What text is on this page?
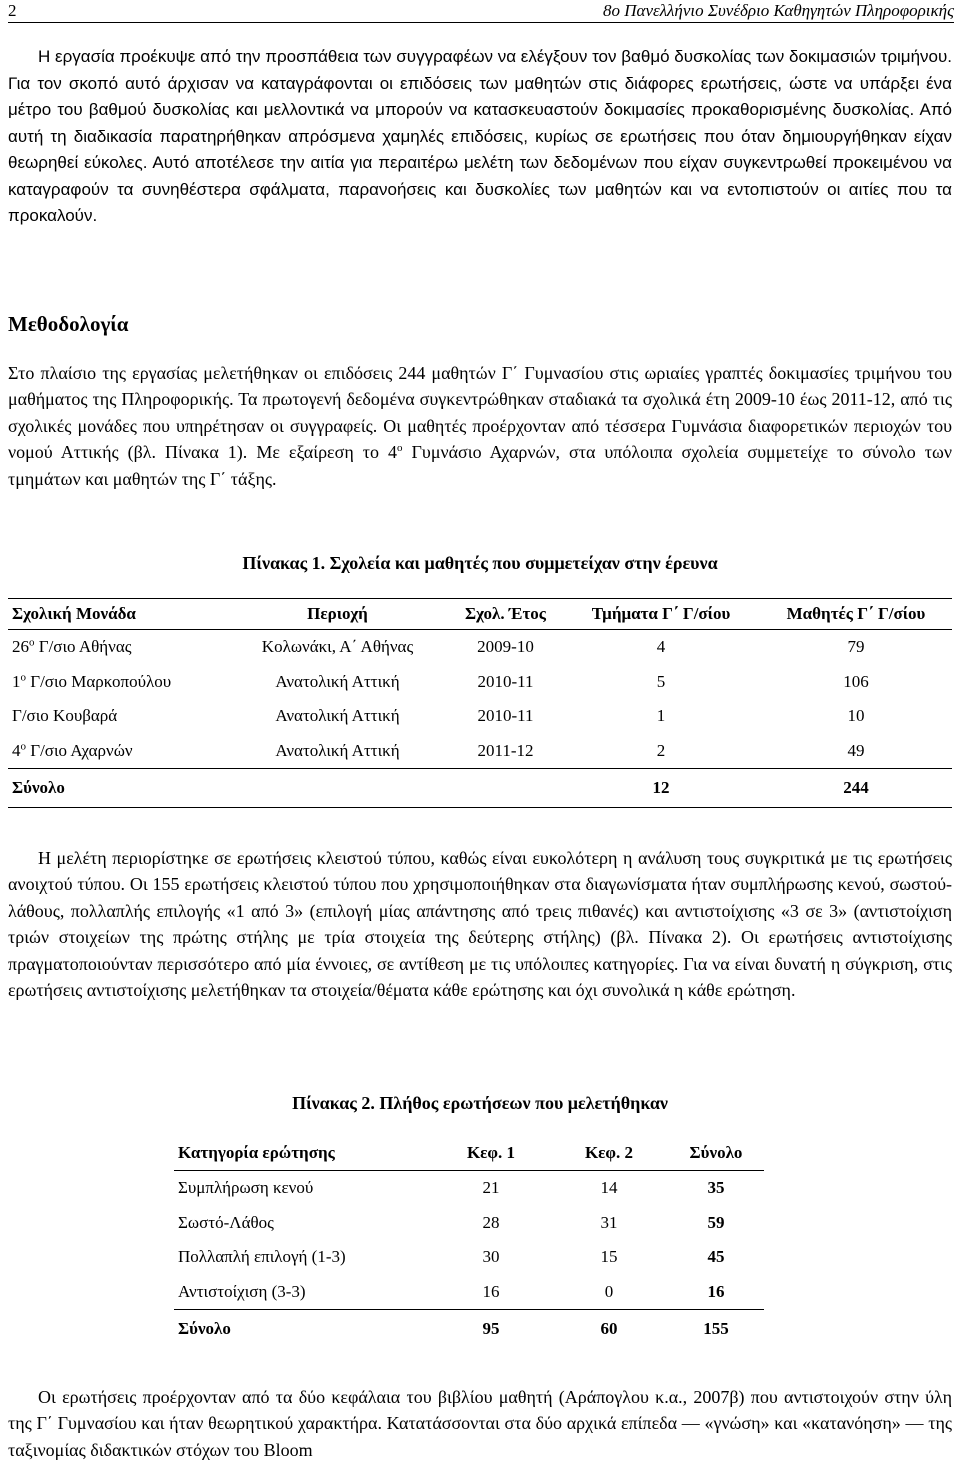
2	8ο Πανελλήνιο Συνέδριο Καθηγητών Πληροφορικής

Η εργασία προέκυψε από την προσπάθεια των συγγραφέων να ελέγξουν τον βαθμό δυσκολίας των δοκιμασιών τριμήνου. Για τον σκοπό αυτό άρχισαν να καταγράφονται οι επιδόσεις των μαθητών στις διάφορες ερωτήσεις, ώστε να υπάρξει ένα μέτρο του βαθμού δυσκολίας και μελλοντικά να μπορούν να κατασκευαστούν δοκιμασίες προκαθορισμένης δυσκολίας. Από αυτή τη διαδικασία παρατηρήθηκαν απρόσμενα χαμηλές επιδόσεις, κυρίως σε ερωτήσεις που όταν δημιουργήθηκαν είχαν θεωρηθεί εύκολες. Αυτό αποτέλεσε την αιτία για περαιτέρω μελέτη των δεδομένων που είχαν συγκεντρωθεί προκειμένου να καταγραφούν τα συνηθέστερα σφάλματα, παρανοήσεις και δυσκολίες των μαθητών και να εντοπιστούν οι αιτίες που τα προκαλούν.

Μεθοδολογία

Στο πλαίσιο της εργασίας μελετήθηκαν οι επιδόσεις 244 μαθητών Γ΄ Γυμνασίου στις ωριαίες γραπτές δοκιμασίες τριμήνου του μαθήματος της Πληροφορικής. Τα πρωτογενή δεδομένα συγκεντρώθηκαν σταδιακά τα σχολικά έτη 2009-10 έως 2011-12, από τις σχολικές μονάδες που υπηρέτησαν οι συγγραφείς. Οι μαθητές προέρχονταν από τέσσερα Γυμνάσια διαφορετικών περιοχών του νομού Αττικής (βλ. Πίνακα 1). Με εξαίρεση το $4^o$ Γυμνάσιο Αχαρνών, στα υπόλοιπα σχολεία συμμετείχε το σύνολο των τμημάτων και μαθητών της Γ΄ τάξης.

Πίνακας 1. Σχολεία και μαθητές που συμμετείχαν στην έρευνα
Σχολική Μονάδα	Περιοχή	Σχολ. Έτος	Τμήματα Γ΄ Γ/σίου	Μαθητές Γ΄ Γ/σίου
$26^o$ Γ/σιο Αθήνας	Κολωνάκι, Α΄ Αθήνας	2009-10	4	79
$1^o$ Γ/σιο Μαρκοπούλου	Ανατολική Αττική	2010-11	5	106
Γ/σιο Κουβαρά	Ανατολική Αττική	2010-11	1	10
$4^o$ Γ/σιο Αχαρνών	Ανατολική Αττική	2011-12	2	49
Σύνολο			12	244

Η μελέτη περιορίστηκε σε ερωτήσεις κλειστού τύπου, καθώς είναι ευκολότερη η ανάλυση τους συγκριτικά με τις ερωτήσεις ανοιχτού τύπου. Οι 155 ερωτήσεις κλειστού τύπου που χρησιμοποιήθηκαν στα διαγωνίσματα ήταν συμπλήρωσης κενού, σωστού-λάθους, πολλαπλής επιλογής «1 από 3» (επιλογή μίας απάντησης από τρεις πιθανές) και αντιστοίχισης «3 σε 3» (αντιστοίχιση τριών στοιχείων της πρώτης στήλης με τρία στοιχεία της δεύτερης στήλης) (βλ. Πίνακα 2). Οι ερωτήσεις αντιστοίχισης πραγματοποιούνταν περισσότερο από μία έννοιες, σε αντίθεση με τις υπόλοιπες κατηγορίες. Για να είναι δυνατή η σύγκριση, στις ερωτήσεις αντιστοίχισης μελετήθηκαν τα στοιχεία/θέματα κάθε ερώτησης και όχι συνολικά η κάθε ερώτηση.

Πίνακας 2. Πλήθος ερωτήσεων που μελετήθηκαν
Κατηγορία ερώτησης	Κεφ. 1	Κεφ. 2	Σύνολο
Συμπλήρωση κενού	21	14	35
Σωστό-Λάθος	28	31	59
Πολλαπλή επιλογή (1-3)	30	15	45
Αντιστοίχιση (3-3)	16	0	16
Σύνολο	95	60	155

Οι ερωτήσεις προέρχονταν από τα δύο κεφάλαια του βιβλίου μαθητή (Αράπογλου κ.α., 2007β) που αντιστοιχούν στην ύλη της Γ΄ Γυμνασίου και ήταν θεωρητικού χαρακτήρα. Κατατάσσονται στα δύο αρχικά επίπεδα — «γνώση» και «κατανόηση» — της ταξινομίας διδακτικών στόχων του Bloom
